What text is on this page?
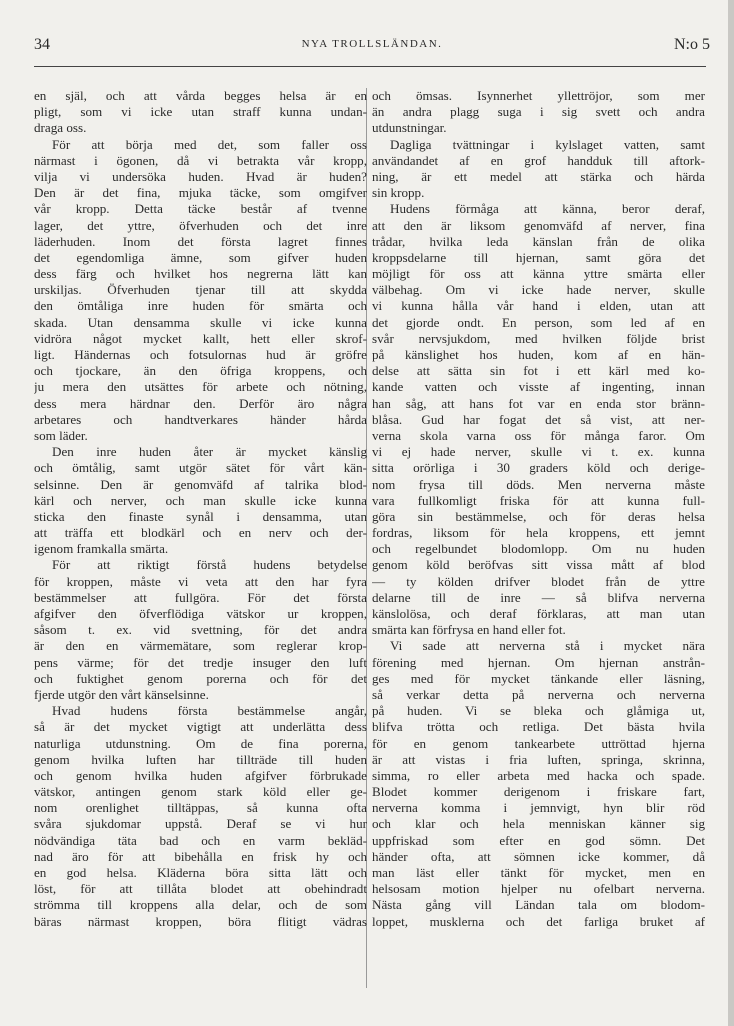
34	NYA TROLLSLÄNDAN.	N:o 5
en själ, och att vårda begges helsa är en
pligt, som vi icke utan straff kunna undan-
draga oss.
För att börja med det, som faller oss
närmast i ögonen, då vi betrakta vår kropp,
vilja vi undersöka huden. Hvad är huden?
Den är det fina, mjuka täcke, som omgifver
vår kropp. Detta täcke består af tvenne
lager, det yttre, öfverhuden och det inre
läderhuden. Inom det första lagret finnes
det egendomliga ämne, som gifver huden
dess färg och hvilket hos negrerna lätt kan
urskiljas. Öfverhuden tjenar till att skydda
den ömtåliga inre huden för smärta och
skada. Utan densamma skulle vi icke kunna
vidröra något mycket kallt, hett eller skrof-
ligt. Händernas och fotsulornas hud är gröfre
och tjockare, än den öfriga kroppens, och
ju mera den utsättes för arbete och nötning,
dess mera härdnar den. Derför äro några
arbetares och handtverkares händer hårda
som läder.
Den inre huden åter är mycket känslig
och ömtålig, samt utgör sätet för vårt kän-
selsinne. Den är genomväfd af talrika blod-
kärl och nerver, och man skulle icke kunna
sticka den finaste synål i densamma, utan
att träffa ett blodkärl och en nerv och der-
igenom framkalla smärta.
För att riktigt förstå hudens betydelse
för kroppen, måste vi veta att den har fyra
bestämmelser att fullgöra. För det första
afgifver den öfverflödiga vätskor ur kroppen,
såsom t. ex. vid svettning, för det andra
är den en värmemätare, som reglerar krop-
pens värme; för det tredje insuger den luft
och fuktighet genom porerna och för det
fjerde utgör den vårt känselsinne.
Hvad hudens första bestämmelse angår,
så är det mycket vigtigt att underlätta dess
naturliga utdunstning. Om de fina porerna,
genom hvilka luften har tillträde till huden
och genom hvilka huden afgifver förbrukade
vätskor, antingen genom stark köld eller ge-
nom orenlighet tilltäppas, så kunna ofta
svåra sjukdomar uppstå. Deraf se vi hur
nödvändiga täta bad och en varm bekläd-
nad äro för att bibehålla en frisk hy och
en god helsa. Kläderna böra sitta lätt och
löst, för att tillåta blodet att obehindradt
strömma till kroppens alla delar, och de som
bäras närmast kroppen, böra flitigt vädras
och ömsas. Isynnerhet yllettröjor, som mer
än andra plagg suga i sig svett och andra
utdunstningar.
Dagliga tvättningar i kylslaget vatten, samt
användandet af en grof handduk till aftork-
ning, är ett medel att stärka och härda
sin kropp.
Hudens förmåga att känna, beror deraf,
att den är liksom genomväfd af nerver, fina
trådar, hvilka leda känslan från de olika
kroppsdelarne till hjernan, samt göra det
möjligt för oss att känna yttre smärta eller
välbehag. Om vi icke hade nerver, skulle
vi kunna hålla vår hand i elden, utan att
det gjorde ondt. En person, som led af en
svår nervsjukdom, med hvilken följde brist
på känslighet hos huden, kom af en hän-
delse att sätta sin fot i ett kärl med ko-
kande vatten och visste af ingenting, innan
han såg, att hans fot var en enda stor bränn-
blåsa. Gud har fogat det så vist, att ner-
verna skola varna oss för många faror. Om
vi ej hade nerver, skulle vi t. ex. kunna
sitta orörliga i 30 graders köld och derige-
nom frysa till döds. Men nerverna måste
vara fullkomligt friska för att kunna full-
göra sin bestämmelse, och för deras helsa
fordras, liksom för hela kroppens, ett jemnt
och regelbundet blodomlopp. Om nu huden
genom köld beröfvas sitt vissa mått af blod
— ty kölden drifver blodet från de yttre
delarne till de inre — så blifva nerverna
känslolösa, och deraf förklaras, att man utan
smärta kan förfrysa en hand eller fot.
Vi sade att nerverna stå i mycket nära
förening med hjernan. Om hjernan anstrån-
ges med för mycket tänkande eller läsning,
så verkar detta på nerverna och nerverna
på huden. Vi se bleka och glåmiga ut,
blifva trötta och retliga. Det bästa hvila
för en genom tankearbete uttröttad hjerna
är att vistas i fria luften, springa, skrinna,
simma, ro eller arbeta med hacka och spade.
Blodet kommer derigenom i friskare fart,
nerverna komma i jemnvigt, hyn blir röd
och klar och hela menniskan känner sig
uppfriskad som efter en god sömn. Det
händer ofta, att sömnen icke kommer, då
man läst eller tänkt för mycket, men en
helsosam motion hjelper nu ofelbart nerverna.
Nästa gång vill Ländan tala om blodom-
loppet, musklerna och det farliga bruket af
